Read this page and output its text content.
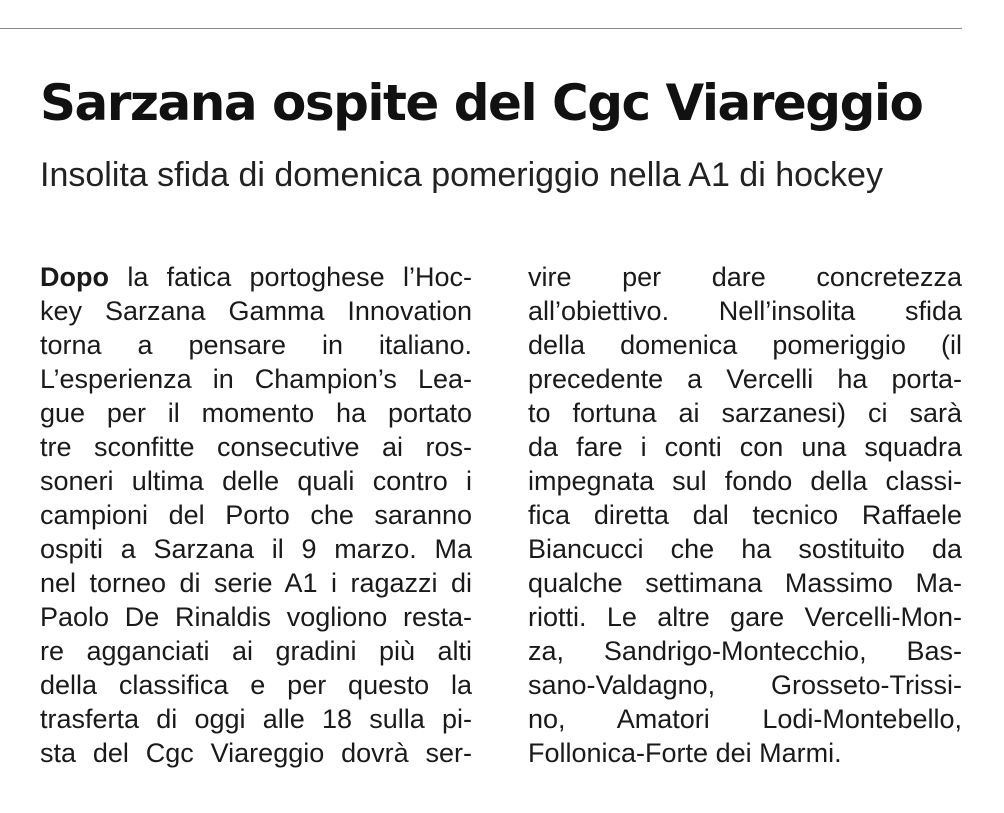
Sarzana ospite del Cgc Viareggio
Insolita sfida di domenica pomeriggio nella A1 di hockey
Dopo la fatica portoghese l’Hoc-
key Sarzana Gamma Innovation
torna a pensare in italiano.
L’esperienza in Champion’s Lea-
gue per il momento ha portato
tre sconfitte consecutive ai ros-
soneri ultima delle quali contro i
campioni del Porto che saranno
ospiti a Sarzana il 9 marzo. Ma
nel torneo di serie A1 i ragazzi di
Paolo De Rinaldis vogliono resta-
re agganciati ai gradini più alti
della classifica e per questo la
trasferta di oggi alle 18 sulla pi-
sta del Cgc Viareggio dovrà ser-
vire per dare concretezza
all’obiettivo. Nell’insolita sfida
della domenica pomeriggio (il
precedente a Vercelli ha porta-
to fortuna ai sarzanesi) ci sarà
da fare i conti con una squadra
impegnata sul fondo della classi-
fica diretta dal tecnico Raffaele
Biancucci che ha sostituito da
qualche settimana Massimo Ma-
riotti. Le altre gare Vercelli-Mon-
za, Sandrigo-Montecchio, Bas-
sano-Valdagno, Grosseto-Trissi-
no, Amatori Lodi-Montebello,
Follonica-Forte dei Marmi.
